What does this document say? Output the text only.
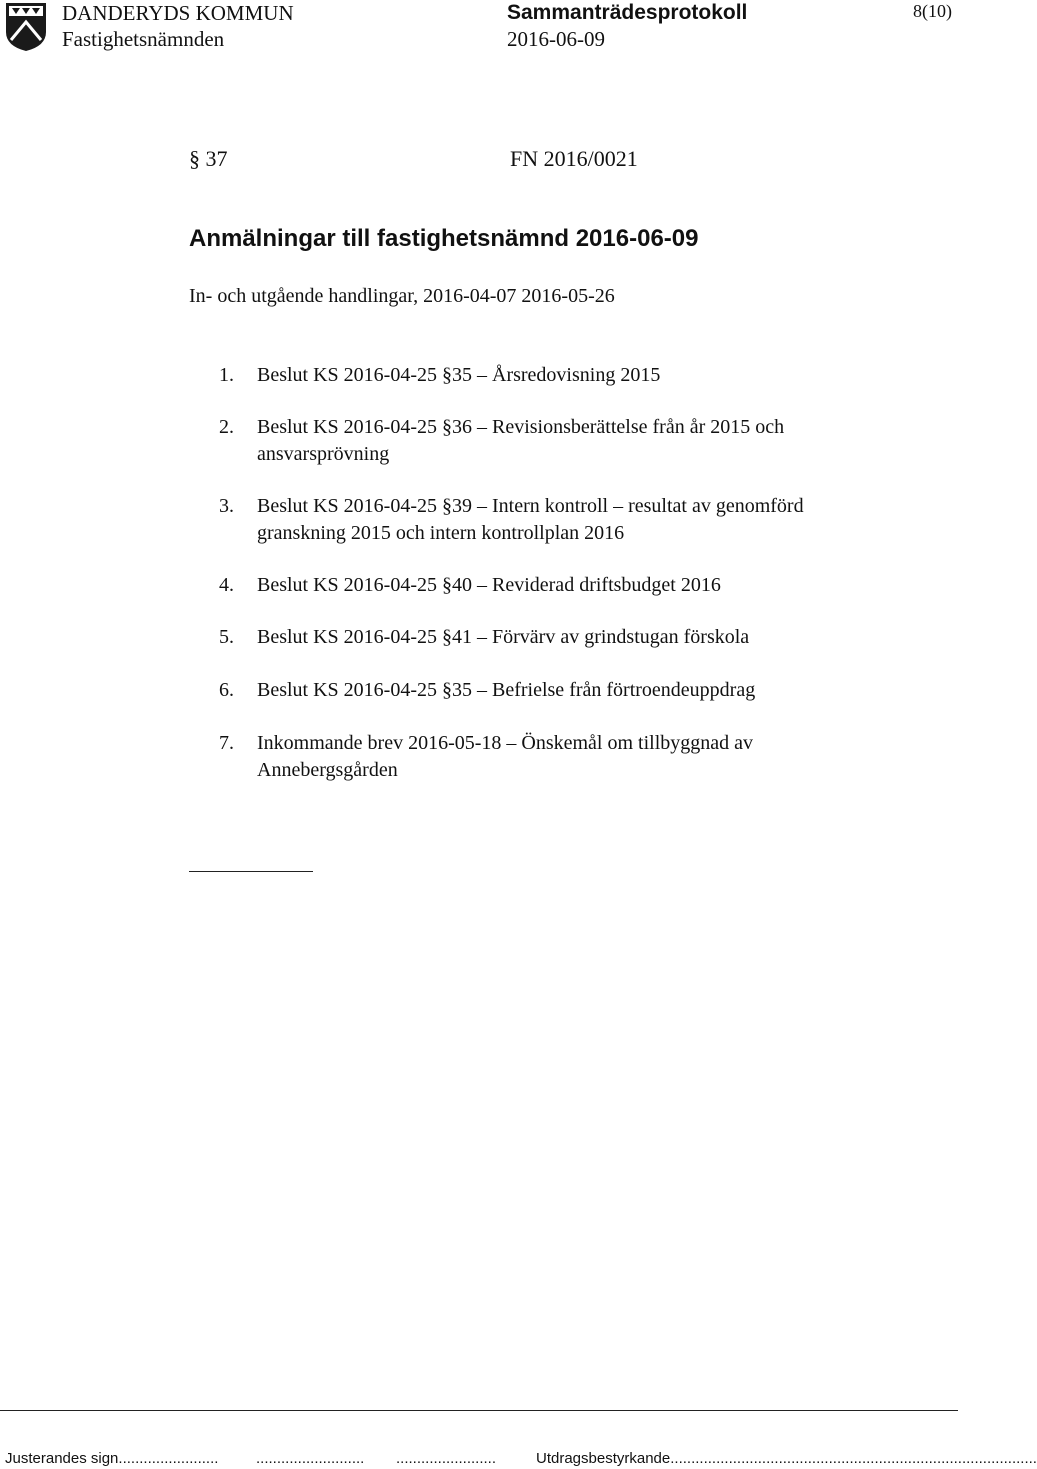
DANDERYDS KOMMUN
Fastighetsnämnden
Sammanträdesprotokoll
2016-06-09
8(10)
§ 37	FN 2016/0021
Anmälningar till fastighetsnämnd 2016-06-09
In- och utgående handlingar, 2016-04-07 2016-05-26
1. Beslut KS 2016-04-25 §35 – Årsredovisning 2015
2. Beslut KS 2016-04-25 §36 – Revisionsberättelse från år 2015 och ansvarsprövning
3. Beslut KS 2016-04-25 §39 – Intern kontroll – resultat av genomförd granskning 2015 och intern kontrollplan 2016
4. Beslut KS 2016-04-25 §40 – Reviderad driftsbudget 2016
5. Beslut KS 2016-04-25 §41 – Förvärv av grindstugan förskola
6. Beslut KS 2016-04-25 §35 – Befrielse från förtroendeuppdrag
7. Inkommande brev 2016-05-18 – Önskemål om tillbyggnad av Annebergsgården
Justerandes sign........................	.......................... ........................	Utdragsbestyrkande........................................................................................
